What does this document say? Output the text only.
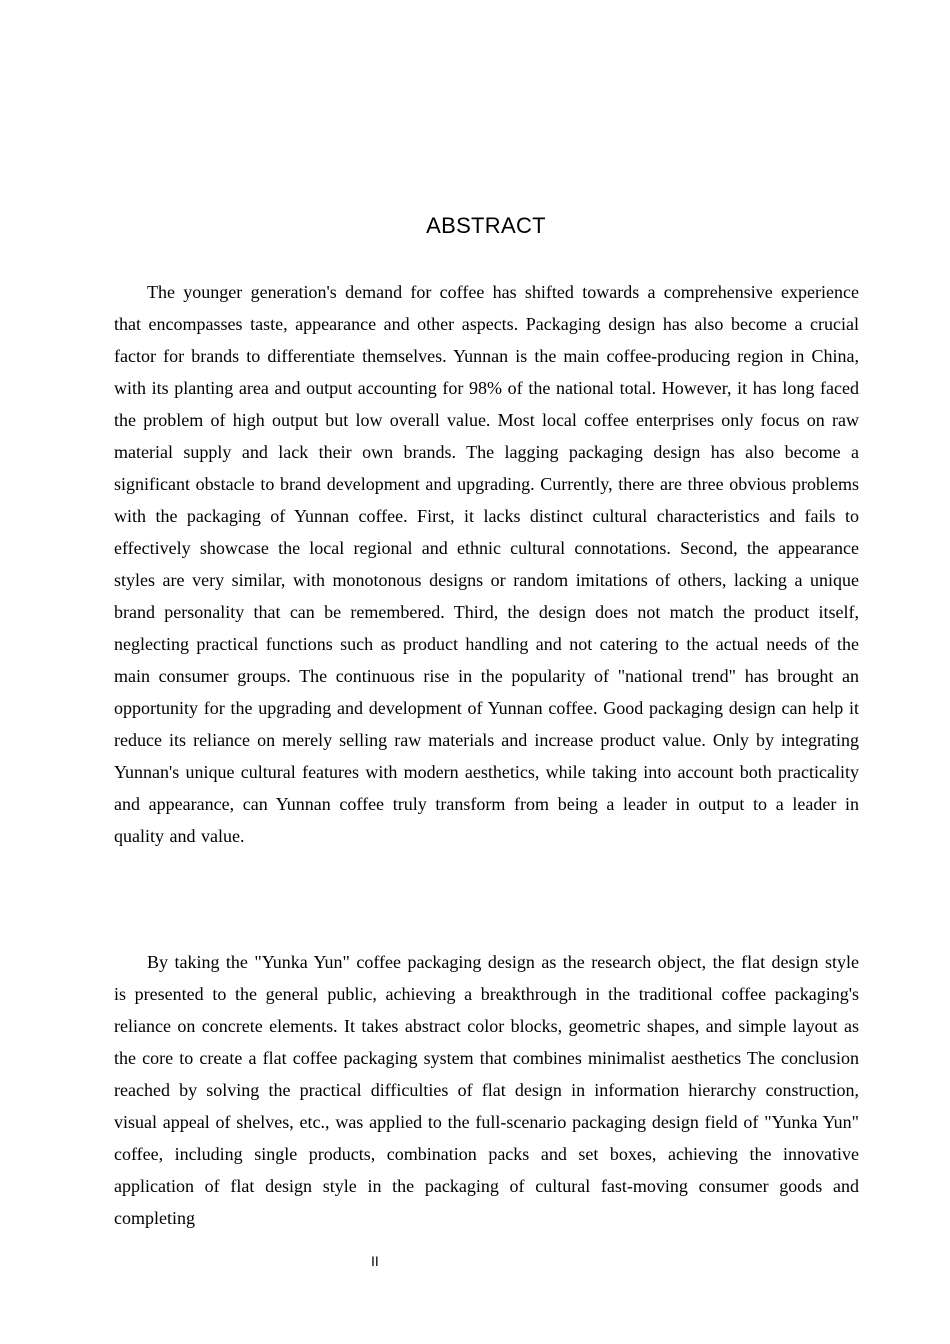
ABSTRACT

The younger generation's demand for coffee has shifted towards a comprehensive experience that encompasses taste, appearance and other aspects. Packaging design has also become a crucial factor for brands to differentiate themselves. Yunnan is the main coffee-producing region in China, with its planting area and output accounting for 98% of the national total. However, it has long faced the problem of high output but low overall value. Most local coffee enterprises only focus on raw material supply and lack their own brands. The lagging packaging design has also become a significant obstacle to brand development and upgrading. Currently, there are three obvious problems with the packaging of Yunnan coffee. First, it lacks distinct cultural characteristics and fails to effectively showcase the local regional and ethnic cultural connotations. Second, the appearance styles are very similar, with monotonous designs or random imitations of others, lacking a unique brand personality that can be remembered. Third, the design does not match the product itself, neglecting practical functions such as product handling and not catering to the actual needs of the main consumer groups. The continuous rise in the popularity of "national trend" has brought an opportunity for the upgrading and development of Yunnan coffee. Good packaging design can help it reduce its reliance on merely selling raw materials and increase product value. Only by integrating Yunnan's unique cultural features with modern aesthetics, while taking into account both practicality and appearance, can Yunnan coffee truly transform from being a leader in output to a leader in quality and value.

By taking the "Yunka Yun" coffee packaging design as the research object, the flat design style is presented to the general public, achieving a breakthrough in the traditional coffee packaging's reliance on concrete elements. It takes abstract color blocks, geometric shapes, and simple layout as the core to create a flat coffee packaging system that combines minimalist aesthetics The conclusion reached by solving the practical difficulties of flat design in information hierarchy construction, visual appeal of shelves, etc., was applied to the full-scenario packaging design field of "Yunka Yun" coffee, including single products, combination packs and set boxes, achieving the innovative application of flat design style in the packaging of cultural fast-moving consumer goods and completing

II
